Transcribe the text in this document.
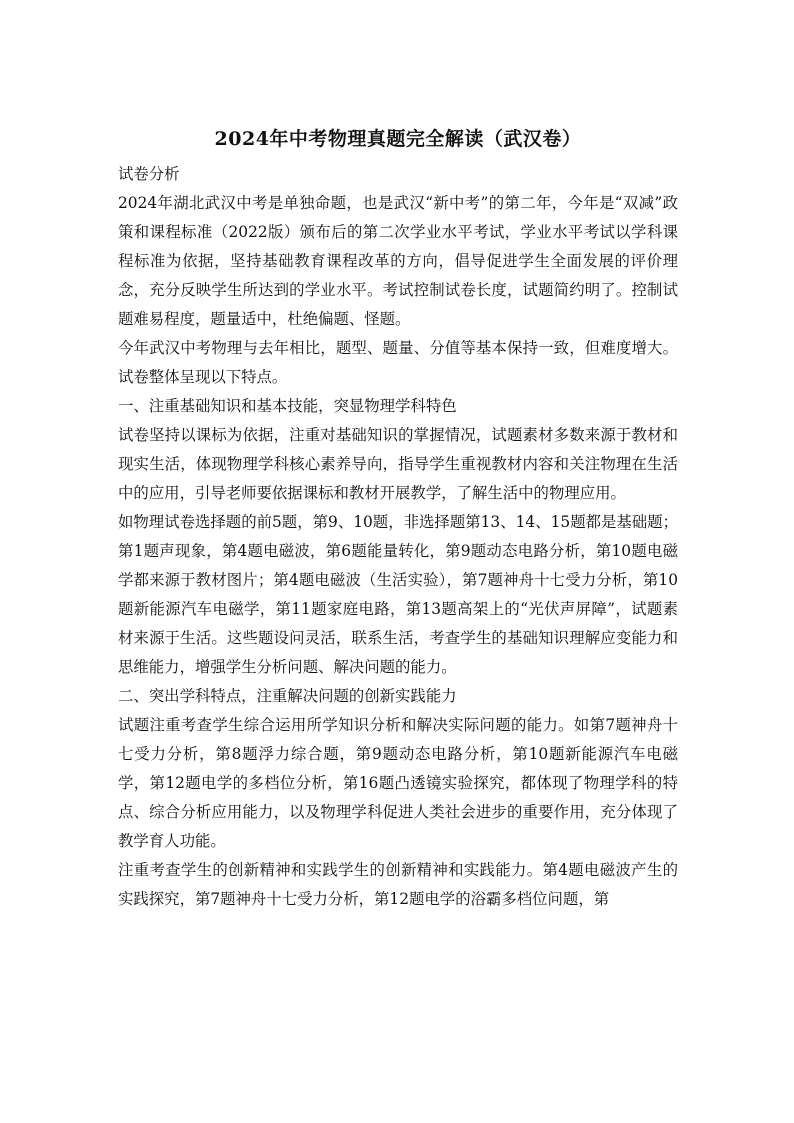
2024年中考物理真题完全解读（武汉卷）

试卷分析

2024年湖北武汉中考是单独命题，也是武汉“新中考”的第二年，今年是“双减”政策和课程标准（2022版）颁布后的第二次学业水平考试，学业水平考试以学科课程标准为依据，坚持基础教育课程改革的方向，倡导促进学生全面发展的评价理念，充分反映学生所达到的学业水平。考试控制试卷长度，试题简约明了。控制试题难易程度，题量适中，杜绝偏题、怪题。

今年武汉中考物理与去年相比，题型、题量、分值等基本保持一致，但难度增大。试卷整体呈现以下特点。

一、注重基础知识和基本技能，突显物理学科特色

试卷坚持以课标为依据，注重对基础知识的掌握情况，试题素材多数来源于教材和现实生活，体现物理学科核心素养导向，指导学生重视教材内容和关注物理在生活中的应用，引导老师要依据课标和教材开展教学，了解生活中的物理应用。

如物理试卷选择题的前5题，第9、10题，非选择题第13、14、15题都是基础题；第1题声现象，第4题电磁波，第6题能量转化，第9题动态电路分析，第10题电磁学都来源于教材图片；第4题电磁波（生活实验），第7题神舟十七受力分析，第10题新能源汽车电磁学，第11题家庭电路，第13题高架上的“光伏声屏障”，试题素材来源于生活。这些题设问灵活，联系生活，考查学生的基础知识理解应变能力和思维能力，增强学生分析问题、解决问题的能力。

二、突出学科特点，注重解决问题的创新实践能力

试题注重考查学生综合运用所学知识分析和解决实际问题的能力。如第7题神舟十七受力分析，第8题浮力综合题，第9题动态电路分析，第10题新能源汽车电磁学，第12题电学的多档位分析，第16题凸透镜实验探究，都体现了物理学科的特点、综合分析应用能力，以及物理学科促进人类社会进步的重要作用，充分体现了教学育人功能。

注重考查学生的创新精神和实践学生的创新精神和实践能力。第4题电磁波产生的实践探究，第7题神舟十七受力分析，第12题电学的浴霸多档位问题，第
